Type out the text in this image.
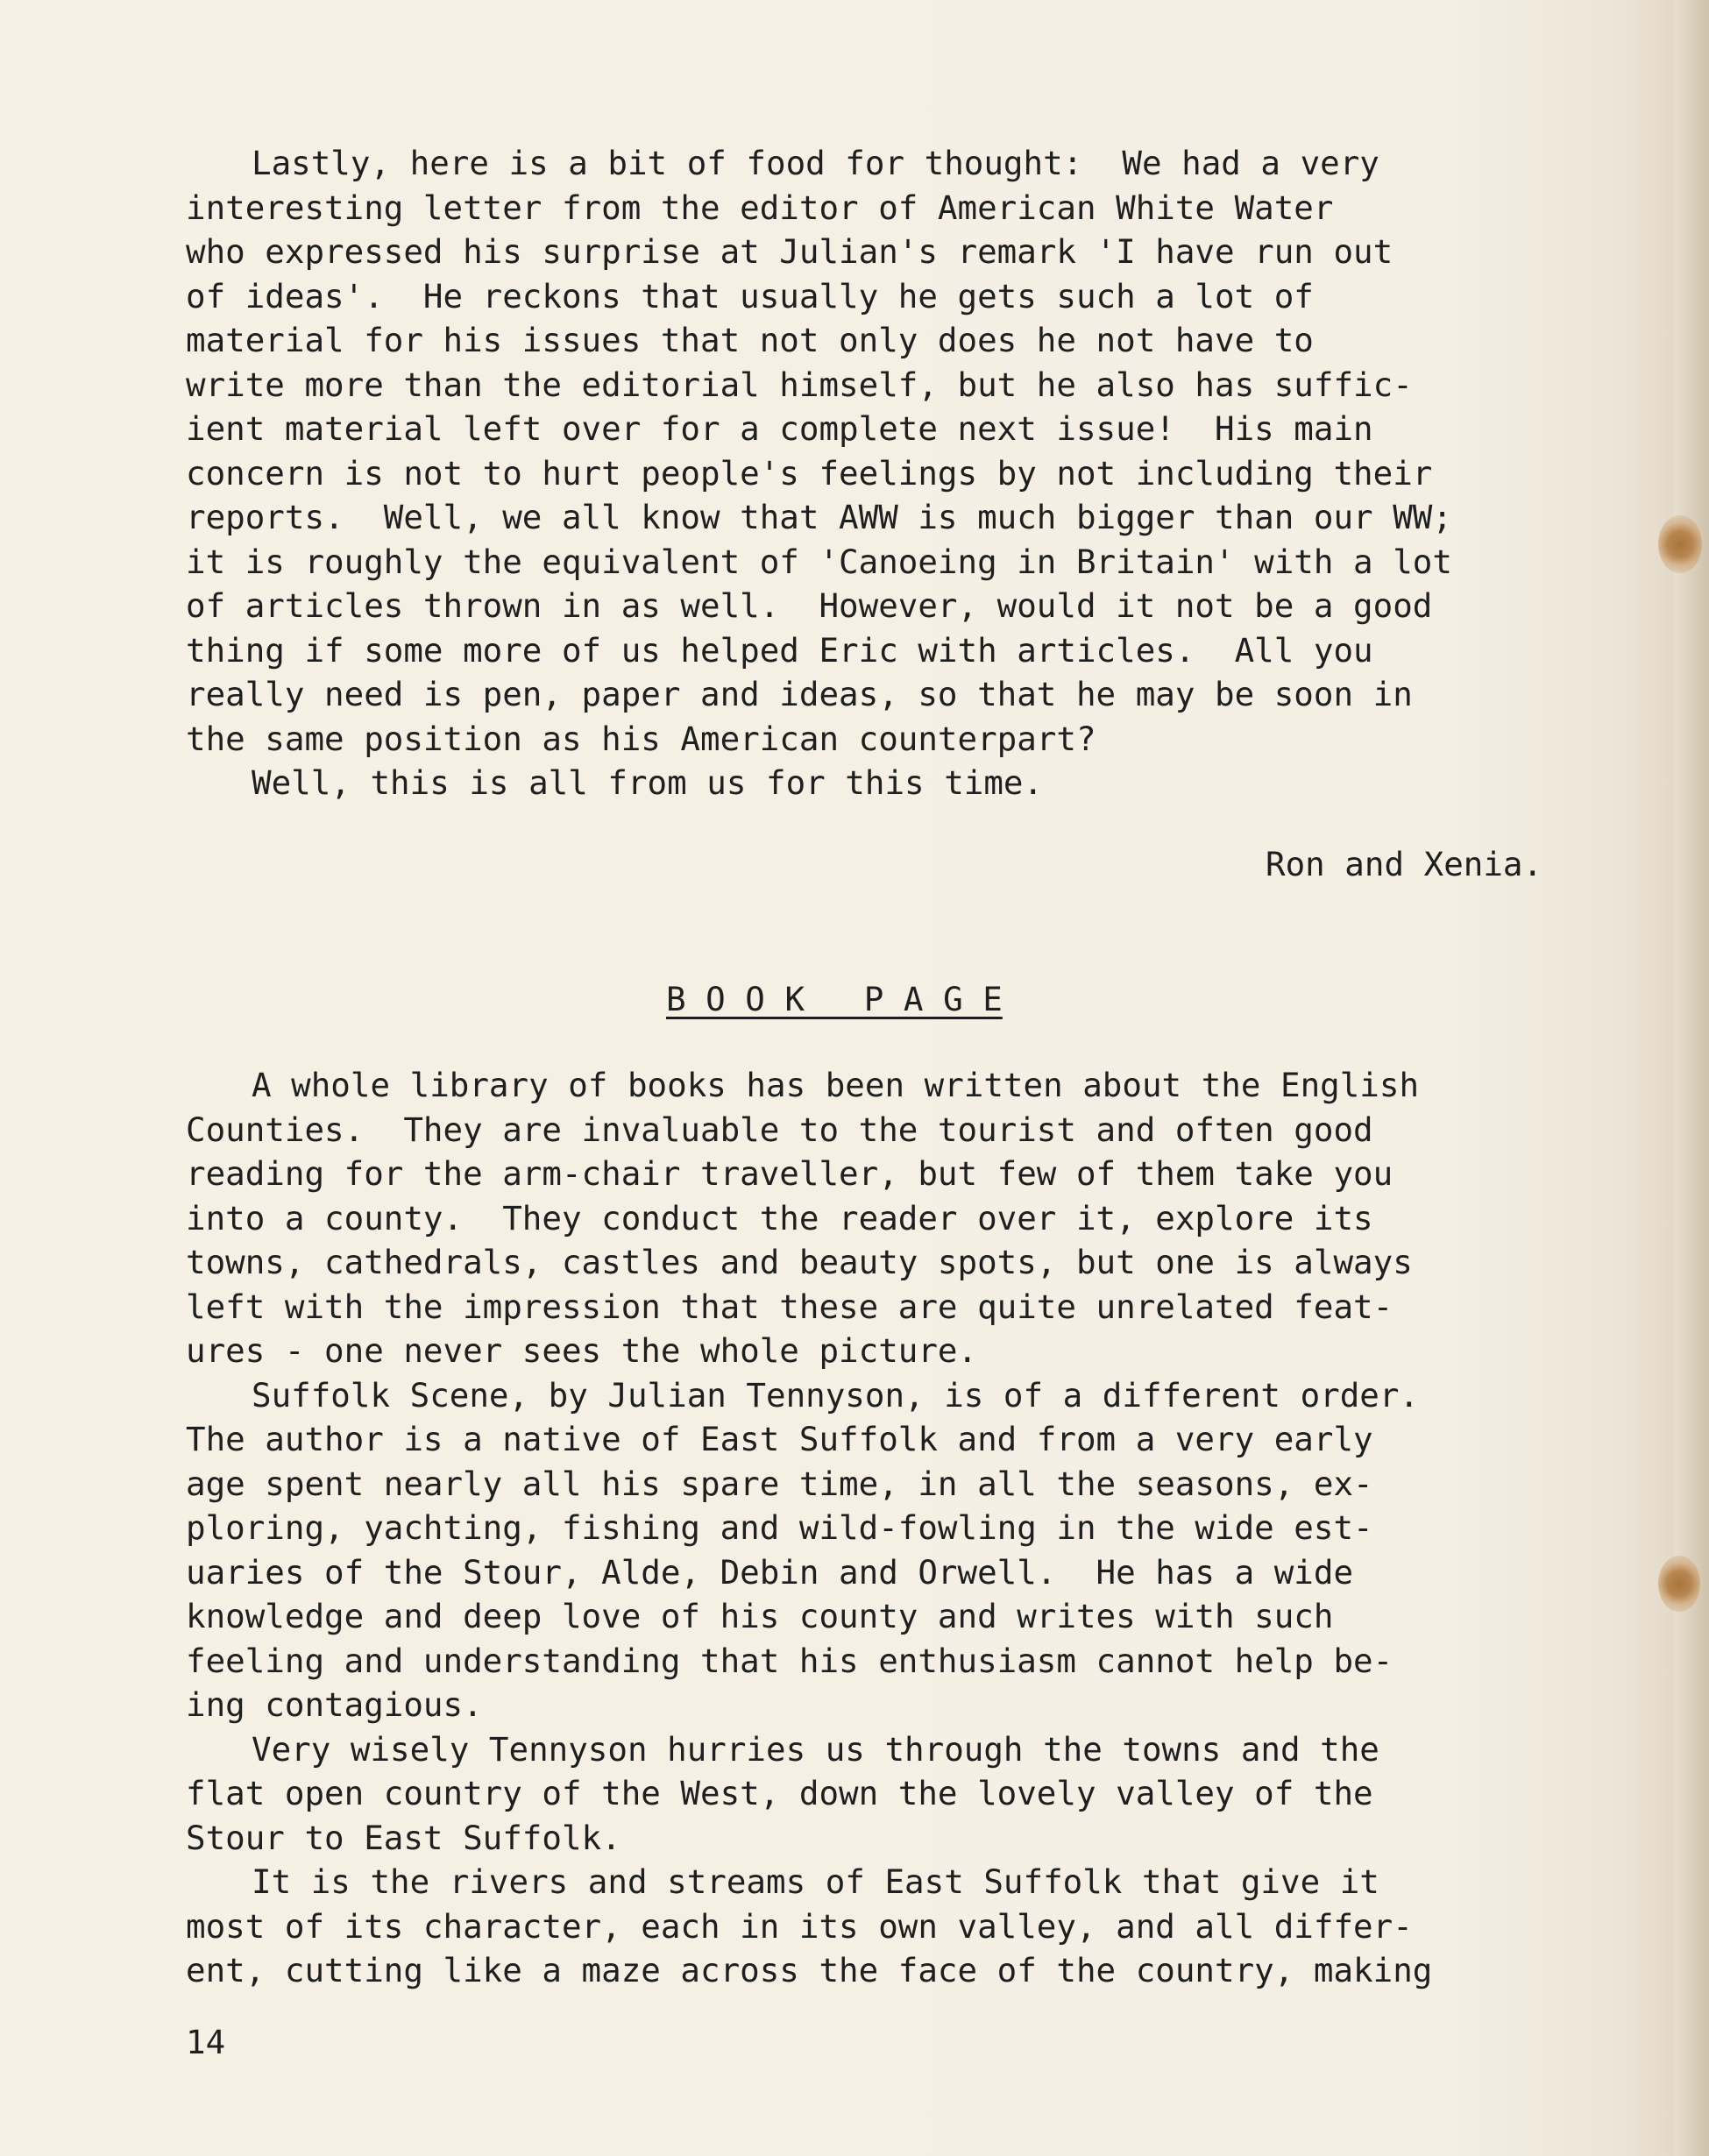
Lastly, here is a bit of food for thought:  We had a very
interesting letter from the editor of American White Water
who expressed his surprise at Julian's remark 'I have run out
of ideas'.  He reckons that usually he gets such a lot of
material for his issues that not only does he not have to
write more than the editorial himself, but he also has suffic-
ient material left over for a complete next issue!  His main
concern is not to hurt people's feelings by not including their
reports.  Well, we all know that AWW is much bigger than our WW;
it is roughly the equivalent of 'Canoeing in Britain' with a lot
of articles thrown in as well.  However, would it not be a good
thing if some more of us helped Eric with articles.  All you
really need is pen, paper and ideas, so that he may be soon in
the same position as his American counterpart?
Well, this is all from us for this time.
Ron and Xenia.
B O O K   P A G E
A whole library of books has been written about the English
Counties.  They are invaluable to the tourist and often good
reading for the arm-chair traveller, but few of them take you
into a county.  They conduct the reader over it, explore its
towns, cathedrals, castles and beauty spots, but one is always
left with the impression that these are quite unrelated feat-
ures - one never sees the whole picture.
Suffolk Scene, by Julian Tennyson, is of a different order.
The author is a native of East Suffolk and from a very early
age spent nearly all his spare time, in all the seasons, ex-
ploring, yachting, fishing and wild-fowling in the wide est-
uaries of the Stour, Alde, Debin and Orwell.  He has a wide
knowledge and deep love of his county and writes with such
feeling and understanding that his enthusiasm cannot help be-
ing contagious.
Very wisely Tennyson hurries us through the towns and the
flat open country of the West, down the lovely valley of the
Stour to East Suffolk.
It is the rivers and streams of East Suffolk that give it
most of its character, each in its own valley, and all differ-
ent, cutting like a maze across the face of the country, making
14
